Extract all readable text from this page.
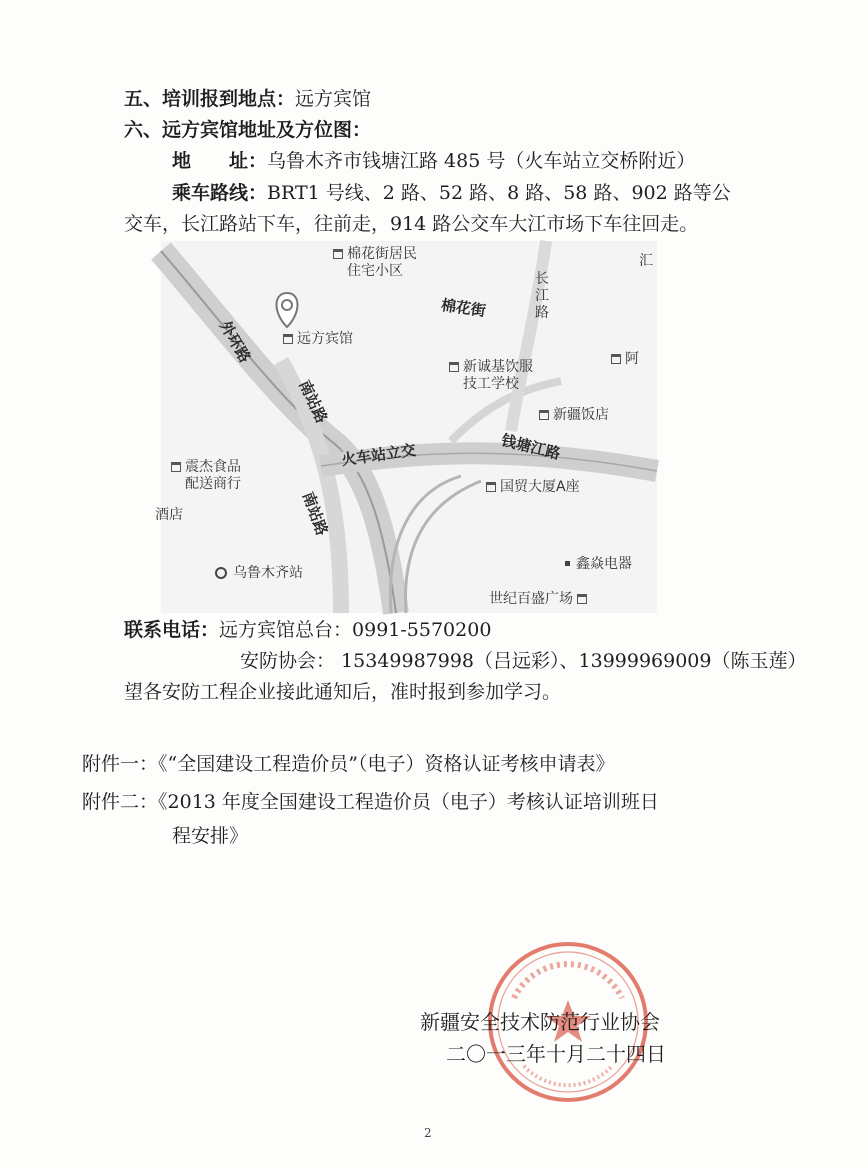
五、培训报到地点：远方宾馆
六、远方宾馆地址及方位图：
地　　址：乌鲁木齐市钱塘江路 485 号（火车站立交桥附近）
乘车路线：BRT1 号线、2 路、52 路、8 路、58 路、902 路等公
交车，长江路站下车，往前走，914 路公交车大江市场下车往回走。
棉花街居民
住宅小区
远方宾馆
棉花街
长
江
路
外环路
南站路
南站路
火车站立交	钱塘江路
新诚基饮服
技工学校
新疆饭店
国贸大厦A座
震杰食品
配送商行
酒店
乌鲁木齐站
鑫焱电器
世纪百盛广场
阿
汇
联系电话：远方宾馆总台：0991-5570200
安防协会： 15349987998（吕远彩）、13999969009（陈玉莲）
望各安防工程企业接此通知后，准时报到参加学习。
附件一：《“全国建设工程造价员”（电子）资格认证考核申请表》
附件二：《2013 年度全国建设工程造价员（电子）考核认证培训班日
程安排》
新疆安全技术防范行业协会
二〇一三年十月二十四日
2
